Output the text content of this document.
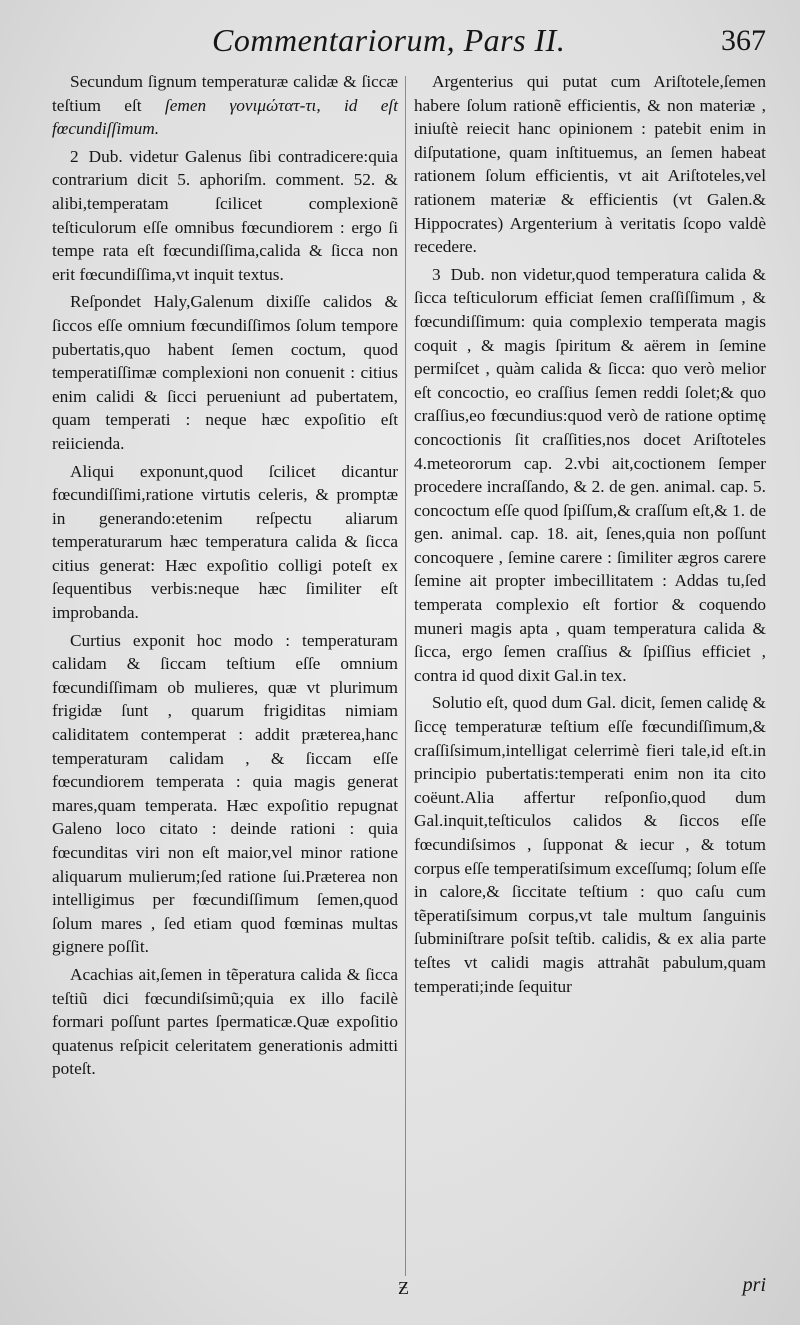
Commentariorum, Pars II.	367

Secundum ſignum temperaturæ calidæ & ſiccæ teſtium eſt ſemen γονιμώτατ-τι, id eſt fœcundiſſimum.

2 Dub. videtur Galenus ſibi contradicere:quia contrarium dicit 5. aphoriſm. comment. 52. & alibi,temperatam ſcilicet complexionẽ teſticulorum eſſe omnibus fœcundiorem : ergo ſi tempe rata eſt fœcundiſſima,calida & ſicca non erit fœcundiſſima,vt inquit textus.

Reſpondet Haly,Galenum dixiſſe calidos & ſiccos eſſe omnium fœcundiſſimos ſolum tempore pubertatis,quo habent ſemen coctum, quod temperatiſſimæ complexioni non conuenit : citius enim calidi & ſicci perueniunt ad pubertatem, quam temperati : neque hæc expoſitio eſt reiicienda.

Aliqui exponunt,quod ſcilicet dicantur fœcundiſſimi,ratione virtutis celeris, & promptæ in generando:etenim reſpectu aliarum temperaturarum hæc temperatura calida & ſicca citius generat: Hæc expoſitio colligi poteſt ex ſequentibus verbis:neque hæc ſimiliter eſt improbanda.

Curtius exponit hoc modo : temperaturam calidam & ſiccam teſtium eſſe omnium fœcundiſſimam ob mulieres, quæ vt plurimum frigidæ ſunt , quarum frigiditas nimiam caliditatem contemperat : addit præterea,hanc temperaturam calidam , & ſiccam eſſe fœcundiorem temperata : quia magis generat mares,quam temperata. Hæc expoſitio repugnat Galeno loco citato : deinde rationi : quia fœcunditas viri non eſt maior,vel minor ratione aliquarum mulierum;ſed ratione ſui.Præterea non intelligimus per fœcundiſſimum ſemen,quod ſolum mares , ſed etiam quod fœminas multas gignere poſſit.

Acachias ait,ſemen in tẽperatura calida & ſicca teſtiũ dici fœcundiſsimũ;quia ex illo facilè formari poſſunt partes ſpermaticæ.Quæ expoſitio quatenus reſpicit celeritatem generationis admitti poteſt.

Argenterius qui putat cum Ariſtotele,ſemen habere ſolum rationẽ efficientis, & non materiæ , iniuſtè reiecit hanc opinionem : patebit enim in diſputatione, quam inſtituemus, an ſemen habeat rationem ſolum efficientis, vt ait Ariſtoteles,vel rationem materiæ & efficientis (vt Galen.& Hippocrates) Argenterium à veritatis ſcopo valdè recedere.

3 Dub. non videtur,quod temperatura calida & ſicca teſticulorum efficiat ſemen craſſiſſimum , & fœcundiſſimum: quia complexio temperata magis coquit , & magis ſpiritum & aërem in ſemine permiſcet , quàm calida & ſicca: quo verò melior eſt concoctio, eo craſſius ſemen reddi ſolet;& quo craſſius,eo fœcundius:quod verò de ratione optimę concoctionis ſit craſſities,nos docet Ariſtoteles 4.meteororum cap. 2.vbi ait,coctionem ſemper procedere incraſſando, & 2. de gen. animal. cap. 5. concoctum eſſe quod ſpiſſum,& craſſum eſt,& 1. de gen. animal. cap. 18. ait, ſenes,quia non poſſunt concoquere , ſemine carere : ſimiliter ægros carere ſemine ait propter imbecillitatem : Addas tu,ſed temperata complexio eſt fortior & coquendo muneri magis apta , quam temperatura calida & ſicca, ergo ſemen craſſius & ſpiſſius efficiet , contra id quod dixit Gal.in tex.

Solutio eſt, quod dum Gal. dicit, ſemen calidę & ſiccę temperaturæ teſtium eſſe fœcundiſſimum,& craſſiſsimum,intelligat celerrimè fieri tale,id eſt.in principio pubertatis:temperati enim non ita cito coëunt.Alia affertur reſponſio,quod dum Gal.inquit,teſticulos calidos & ſiccos eſſe fœcundiſsimos , ſupponat & iecur , & totum corpus eſſe temperatiſsimum exceſſumq; ſolum eſſe in calore,& ſiccitate teſtium : quo caſu cum tẽperatiſsimum corpus,vt tale multum ſanguinis ſubminiſtrare poſsit teſtib. calidis, & ex alia parte teſtes vt calidi magis attrahãt pabulum,quam temperati;inde ſequitur

Ƶ	pri
